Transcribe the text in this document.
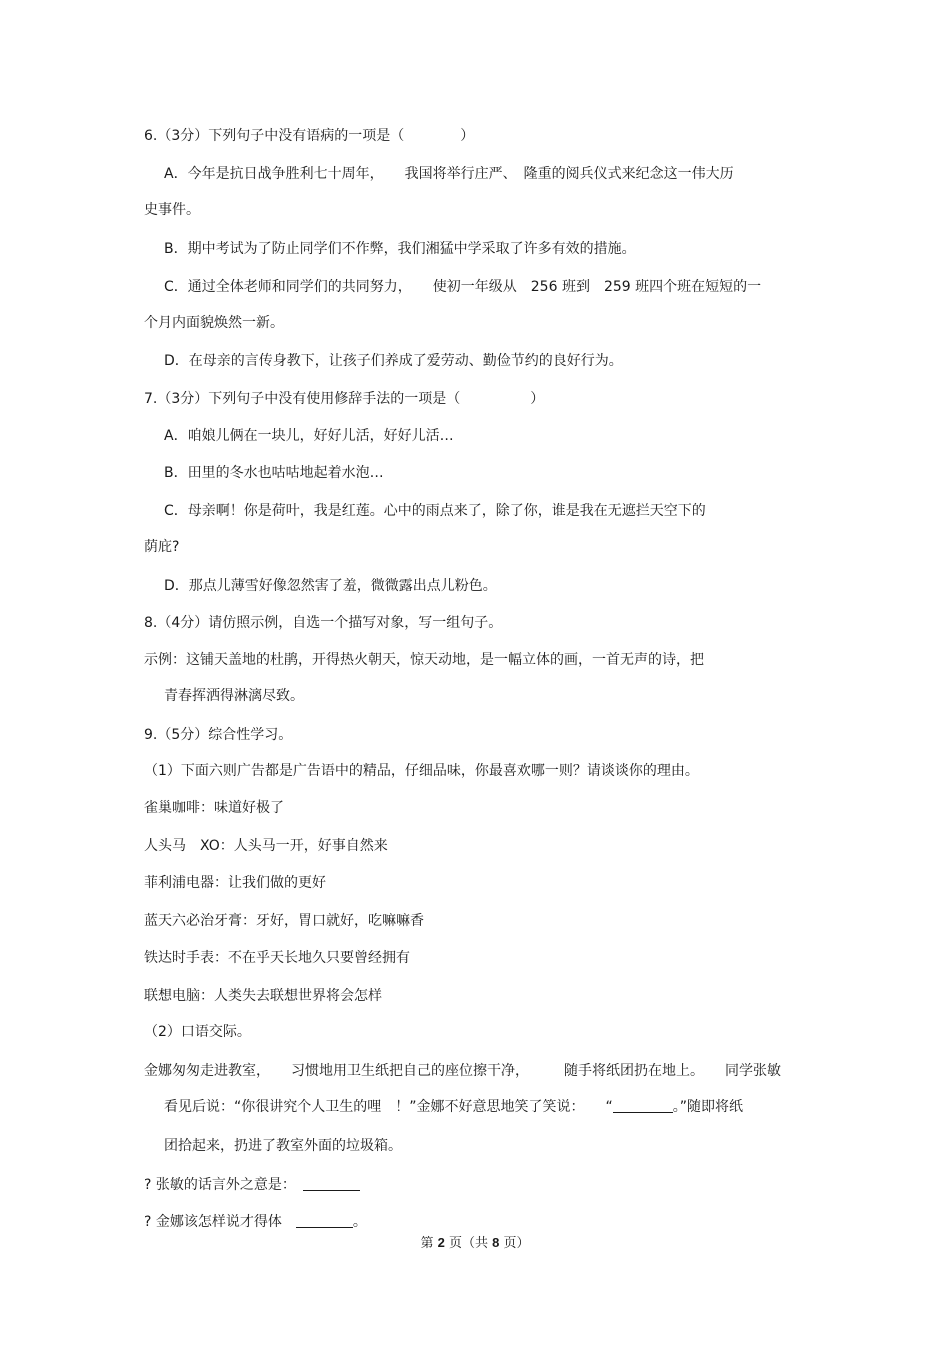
6.（3分）下列句子中没有语病的一项是（　　　　）
A．今年是抗日战争胜利七十周年，　　我国将举行庄严、　隆重的阅兵仪式来纪念这一伟大历
史事件。
B．期中考试为了防止同学们不作弊，我们湘猛中学采取了许多有效的措施。
C．通过全体老师和同学们的共同努力，　　使初一年级从　256 班到　259 班四个班在短短的一
个月内面貌焕然一新。
D．在母亲的言传身教下，让孩子们养成了爱劳动、勤俭节约的良好行为。
7.（3分）下列句子中没有使用修辞手法的一项是（　　　　　）
A．咱娘儿俩在一块儿，好好儿活，好好儿活…
B．田里的冬水也咕咕地起着水泡…
C．母亲啊！你是荷叶，我是红莲。心中的雨点来了，除了你，谁是我在无遮拦天空下的
荫庇?
D．那点儿薄雪好像忽然害了羞，微微露出点儿粉色。
8.（4分）请仿照示例，自选一个描写对象，写一组句子。
示例：这铺天盖地的杜鹃，开得热火朝天，惊天动地，是一幅立体的画，一首无声的诗，把
青春挥洒得淋漓尽致。
9.（5分）综合性学习。
（1）下面六则广告都是广告语中的精品，仔细品味，你最喜欢哪一则？请谈谈你的理由。
雀巢咖啡：味道好极了
人头马　XO：人头马一开，好事自然来
菲利浦电器：让我们做的更好
蓝天六必治牙膏：牙好，胃口就好，吃嘛嘛香
铁达时手表：不在乎天长地久只要曾经拥有
联想电脑：人类失去联想世界将会怎样
（2）口语交际。
金娜匆匆走进教室，　　习惯地用卫生纸把自己的座位擦干净，　　　随手将纸团扔在地上。　　同学张敏
看见后说：“你很讲究个人卫生的哩　！”金娜不好意思地笑了笑说：　　“	。”随即将纸
团拾起来，扔进了教室外面的垃圾箱。
? 张敏的话言外之意是：　
? 金娜该怎样说才得体　	。
第 2 页（共 8 页）
